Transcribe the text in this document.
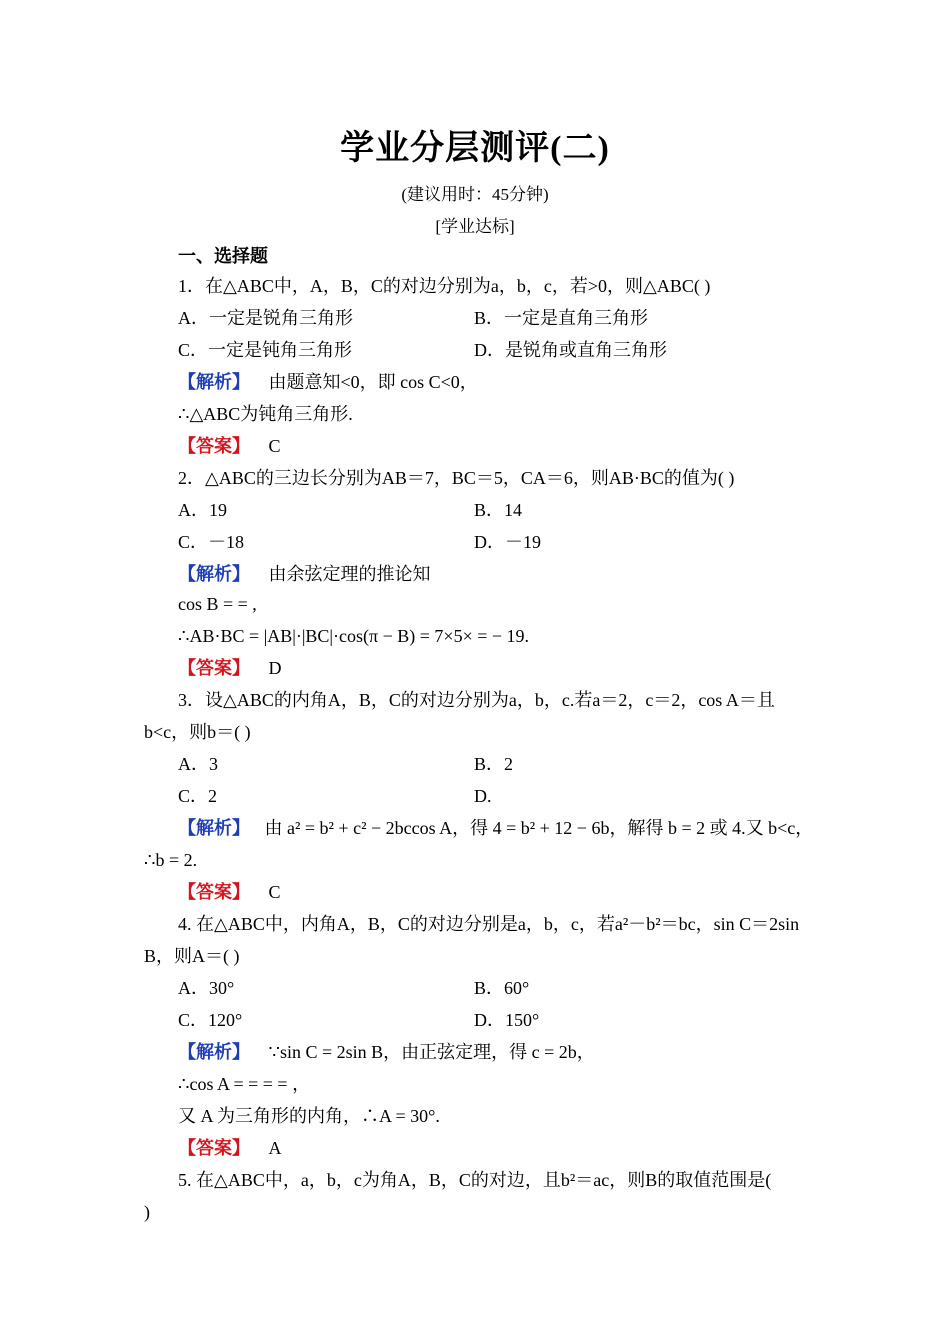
学业分层测评(二)
(建议用时：45分钟)
[学业达标]
一、选择题
1．在△ABC中，A，B，C的对边分别为a，b，c，若>0，则△ABC( )
A．一定是锐角三角形	B．一定是直角三角形
C．一定是钝角三角形	D．是锐角或直角三角形
【解析】 由题意知<0，即 cos C<0，
∴△ABC为钝角三角形.
【答案】 C
2．△ABC的三边长分别为AB＝7，BC＝5，CA＝6，则AB·BC的值为( )
A．19	B．14
C．－18	D．－19
【解析】 由余弦定理的推论知
cos B = = ,
∴AB·BC = |AB|·|BC|·cos(π − B) = 7×5× = − 19.
【答案】 D
3．设△ABC的内角A，B，C的对边分别为a，b，c.若a＝2，c＝2，cos A＝且
b<c，则b＝( )
A．3	B．2
C．2	D.
【解析】 由 a² = b² + c² − 2bccos A，得 4 = b² + 12 − 6b，解得 b = 2 或 4.又 b<c，
∴b = 2.
【答案】 C
4. 在△ABC中，内角A，B，C的对边分别是a，b，c，若a²－b²＝bc，sin C＝2sin
B，则A＝( )
A．30°	B．60°
C．120°	D．150°
【解析】 ∵sin C = 2sin B，由正弦定理，得 c = 2b，
∴cos A = = = = ，
又 A 为三角形的内角，∴A = 30°.
【答案】 A
5. 在△ABC中，a，b，c为角A，B，C的对边，且b²＝ac，则B的取值范围是(
)
